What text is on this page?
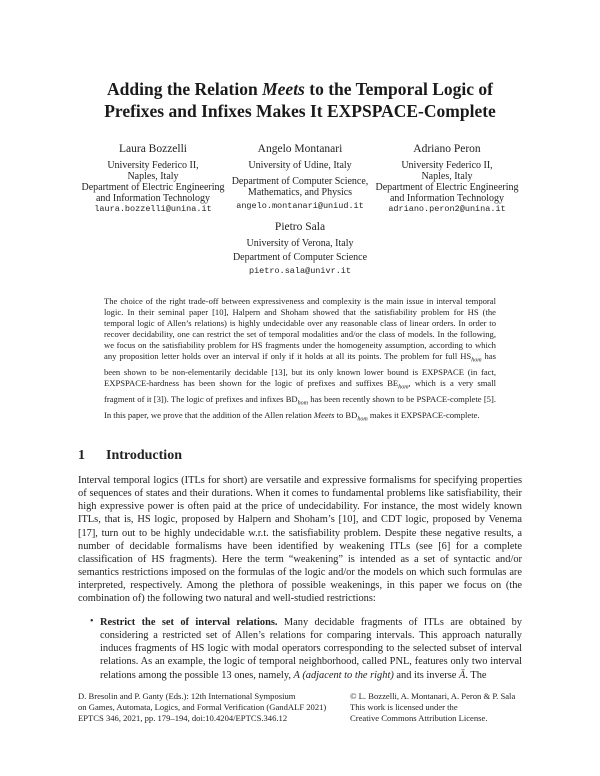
Adding the Relation Meets to the Temporal Logic of
Prefixes and Infixes Makes It EXPSPACE-Complete
Laura Bozzelli
University Federico II,
Naples, Italy
Department of Electric Engineering
and Information Technology
laura.bozzelli@unina.it
Angelo Montanari
University of Udine, Italy
Department of Computer Science,
Mathematics, and Physics
angelo.montanari@uniud.it
Adriano Peron
University Federico II,
Naples, Italy
Department of Electric Engineering
and Information Technology
adriano.peron2@unina.it
Pietro Sala
University of Verona, Italy
Department of Computer Science
pietro.sala@univr.it
The choice of the right trade-off between expressiveness and complexity is the main issue in interval temporal logic. In their seminal paper [10], Halpern and Shoham showed that the satisfiability problem for HS (the temporal logic of Allen’s relations) is highly undecidable over any reasonable class of linear orders. In order to recover decidability, one can restrict the set of temporal modalities and/or the class of models. In the following, we focus on the satisfiability problem for HS fragments under the homogeneity assumption, according to which any proposition letter holds over an interval if only if it holds at all its points. The problem for full $HS_{hom}$ has been shown to be non-elementarily decidable [13], but its only known lower bound is EXPSPACE (in fact, EXPSPACE-hardness has been shown for the logic of prefixes and suffixes $BE_{hom}$, which is a very small fragment of it [3]). The logic of prefixes and infixes $BD_{hom}$ has been recently shown to be PSPACE-complete [5]. In this paper, we prove that the addition of the Allen relation Meets to $BD_{hom}$ makes it EXPSPACE-complete.
1 Introduction
Interval temporal logics (ITLs for short) are versatile and expressive formalisms for specifying properties of sequences of states and their durations. When it comes to fundamental problems like satisfiability, their high expressive power is often paid at the price of undecidability. For instance, the most widely known ITLs, that is, HS logic, proposed by Halpern and Shoham’s [10], and CDT logic, proposed by Venema [17], turn out to be highly undecidable w.r.t. the satisfiability problem. Despite these negative results, a number of decidable formalisms have been identified by weakening ITLs (see [6] for a complete classification of HS fragments). Here the term “weakening” is intended as a set of syntactic and/or semantics restrictions imposed on the formulas of the logic and/or the models on which such formulas are interpreted, respectively. Among the plethora of possible weakenings, in this paper we focus on (the combination of) the following two natural and well-studied restrictions:
• Restrict the set of interval relations. Many decidable fragments of ITLs are obtained by considering a restricted set of Allen’s relations for comparing intervals. This approach naturally induces fragments of HS logic with modal operators corresponding to the selected subset of interval relations. As an example, the logic of temporal neighborhood, called PNL, features only two interval relations among the possible 13 ones, namely, A (adjacent to the right) and its inverse Ā. The
D. Bresolin and P. Ganty (Eds.): 12th International Symposium
on Games, Automata, Logics, and Formal Verification (GandALF 2021)
EPTCS 346, 2021, pp. 179–194, doi:10.4204/EPTCS.346.12
© L. Bozzelli, A. Montanari, A. Peron & P. Sala
This work is licensed under the
Creative Commons Attribution License.
